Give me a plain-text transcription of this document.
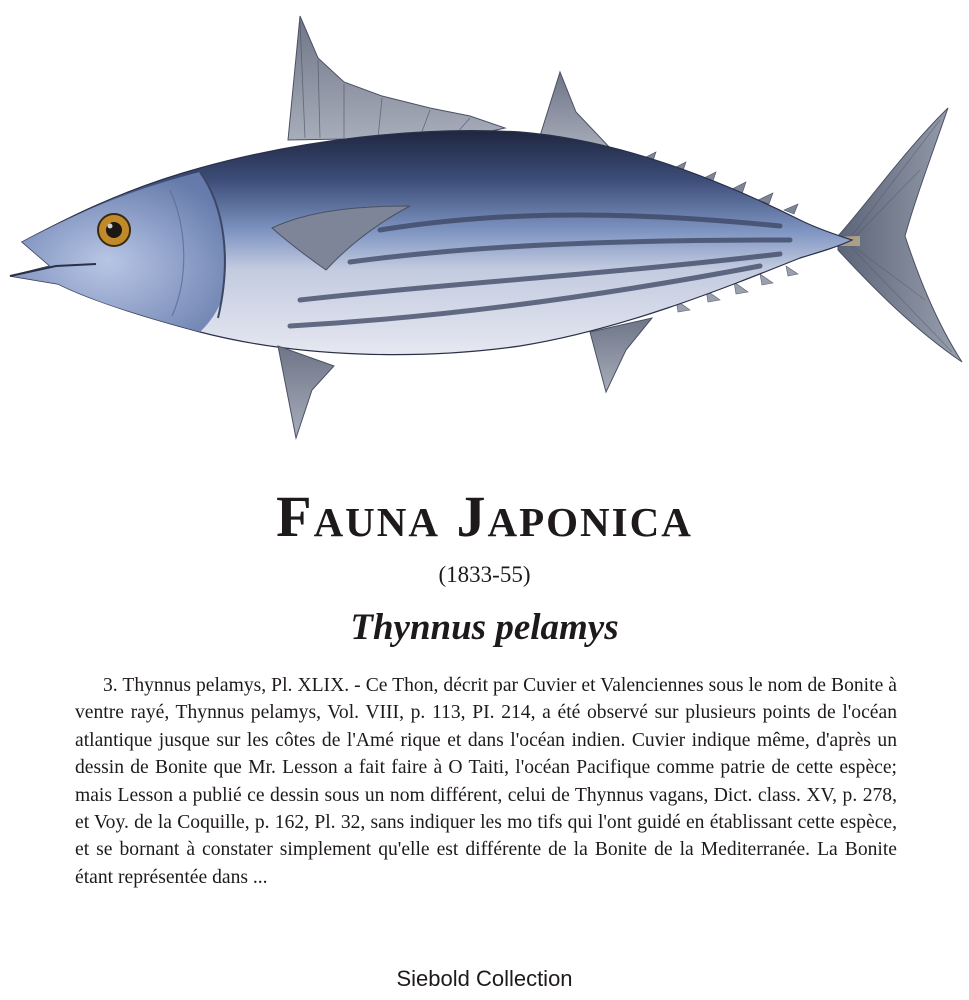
Fauna Japonica
(1833-55)
Thynnus pelamys

3. Thynnus pelamys, Pl. XLIX. - Ce Thon, décrit par Cuvier et Valenciennes sous le nom de Bonite à ventre rayé, Thynnus pelamys, Vol. VIII, p. 113, PI. 214, a été observé sur plusieurs points de l'océan atlantique jusque sur les côtes de l'Amé rique et dans l'océan indien. Cuvier indique même, d'après un dessin de Bonite que Mr. Lesson a fait faire à O Taiti, l'océan Pacifique comme patrie de cette espèce; mais Lesson a publié ce dessin sous un nom différent, celui de Thynnus vagans, Dict. class. XV, p. 278, et Voy. de la Coquille, p. 162, Pl. 32, sans indiquer les mo tifs qui l'ont guidé en établissant cette espèce, et se bornant à constater simplement qu'elle est différente de la Bonite de la Mediterranée. La Bonite étant représentée dans ...

Siebold Collection
